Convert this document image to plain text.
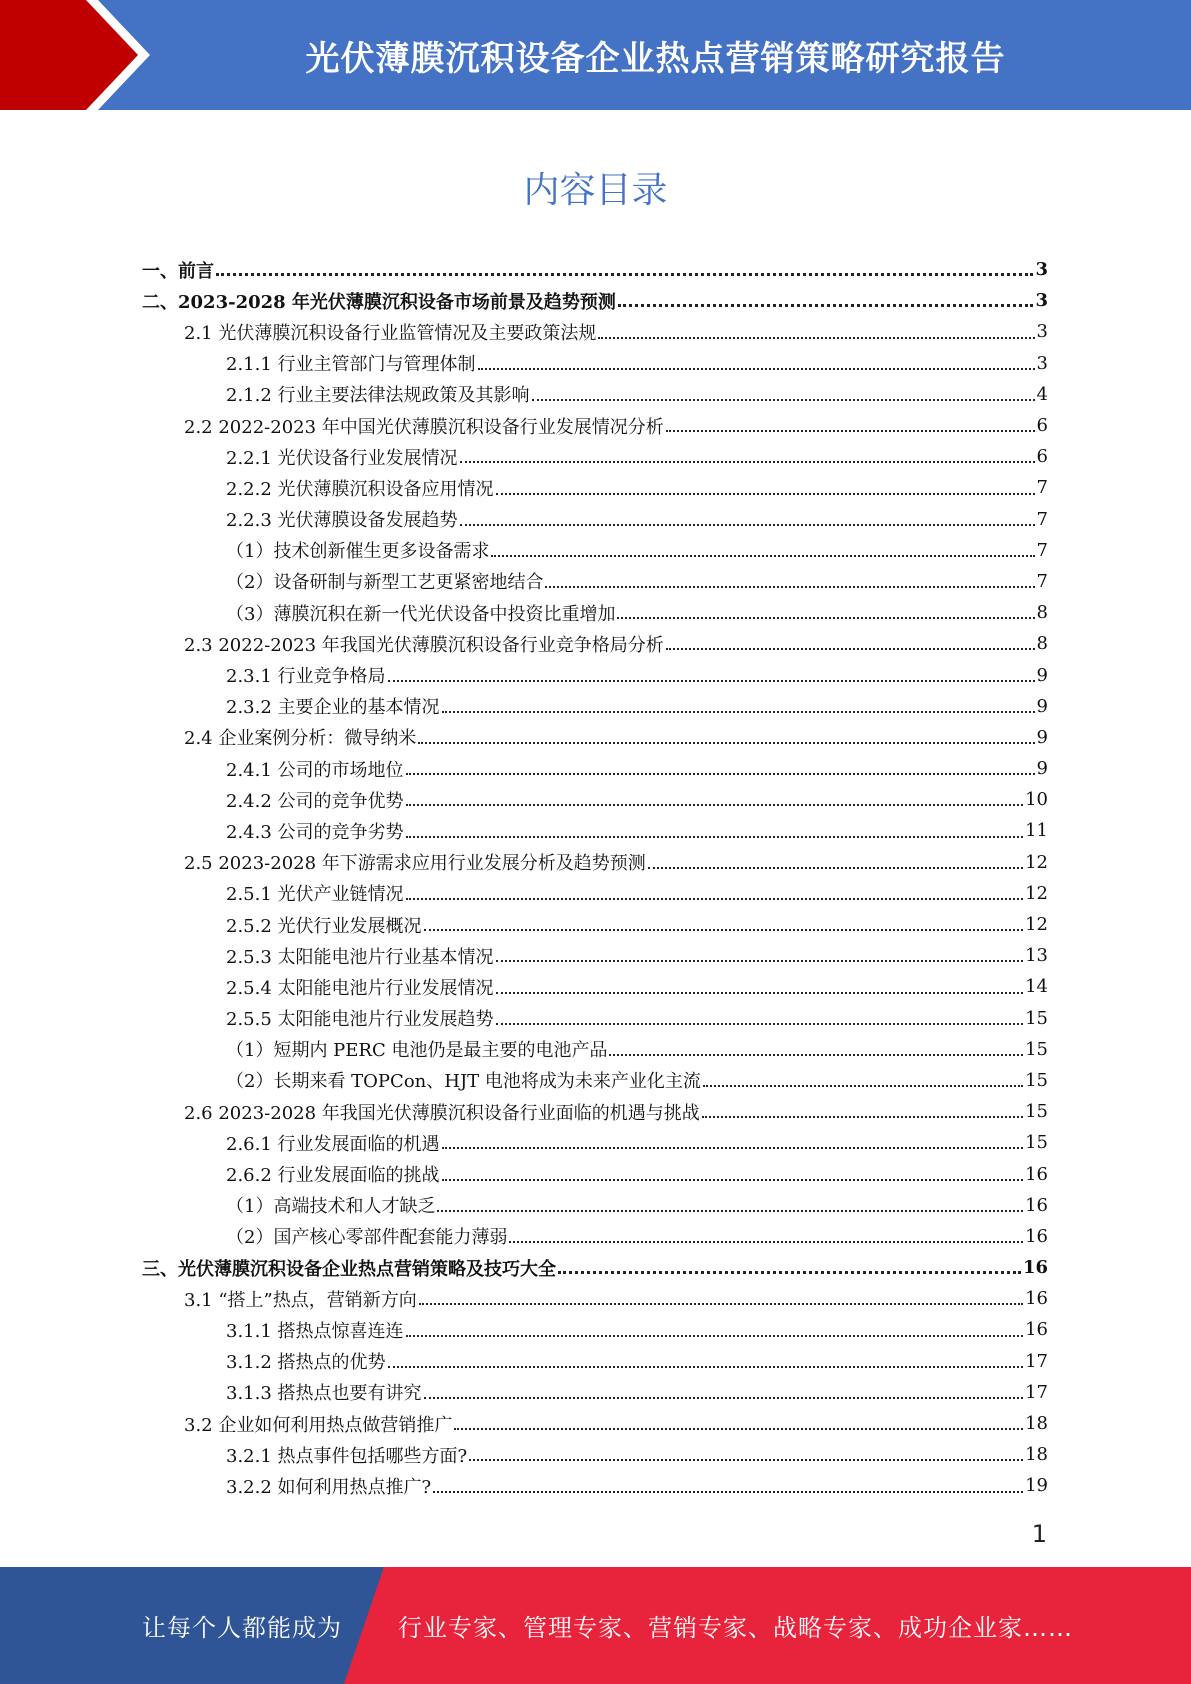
光伏薄膜沉积设备企业热点营销策略研究报告
内容目录
一、前言	3
二、2023-2028 年光伏薄膜沉积设备市场前景及趋势预测	3
2.1 光伏薄膜沉积设备行业监管情况及主要政策法规	3
2.1.1 行业主管部门与管理体制	3
2.1.2 行业主要法律法规政策及其影响	4
2.2 2022-2023 年中国光伏薄膜沉积设备行业发展情况分析	6
2.2.1 光伏设备行业发展情况	6
2.2.2 光伏薄膜沉积设备应用情况	7
2.2.3 光伏薄膜设备发展趋势	7
（1）技术创新催生更多设备需求	7
（2）设备研制与新型工艺更紧密地结合	7
（3）薄膜沉积在新一代光伏设备中投资比重增加	8
2.3 2022-2023 年我国光伏薄膜沉积设备行业竞争格局分析	8
2.3.1 行业竞争格局	9
2.3.2 主要企业的基本情况	9
2.4 企业案例分析：微导纳米	9
2.4.1 公司的市场地位	9
2.4.2 公司的竞争优势	10
2.4.3 公司的竞争劣势	11
2.5 2023-2028 年下游需求应用行业发展分析及趋势预测	12
2.5.1 光伏产业链情况	12
2.5.2 光伏行业发展概况	12
2.5.3 太阳能电池片行业基本情况	13
2.5.4 太阳能电池片行业发展情况	14
2.5.5 太阳能电池片行业发展趋势	15
（1）短期内 PERC 电池仍是最主要的电池产品	15
（2）长期来看 TOPCon、HJT 电池将成为未来产业化主流	15
2.6 2023-2028 年我国光伏薄膜沉积设备行业面临的机遇与挑战	15
2.6.1 行业发展面临的机遇	15
2.6.2 行业发展面临的挑战	16
（1）高端技术和人才缺乏	16
（2）国产核心零部件配套能力薄弱	16
三、光伏薄膜沉积设备企业热点营销策略及技巧大全	16
3.1 “搭上”热点，营销新方向	16
3.1.1 搭热点惊喜连连	16
3.1.2 搭热点的优势	17
3.1.3 搭热点也要有讲究	17
3.2 企业如何利用热点做营销推广	18
3.2.1 热点事件包括哪些方面?	18
3.2.2 如何利用热点推广?	19
1
让每个人都能成为 行业专家、管理专家、营销专家、战略专家、成功企业家……
